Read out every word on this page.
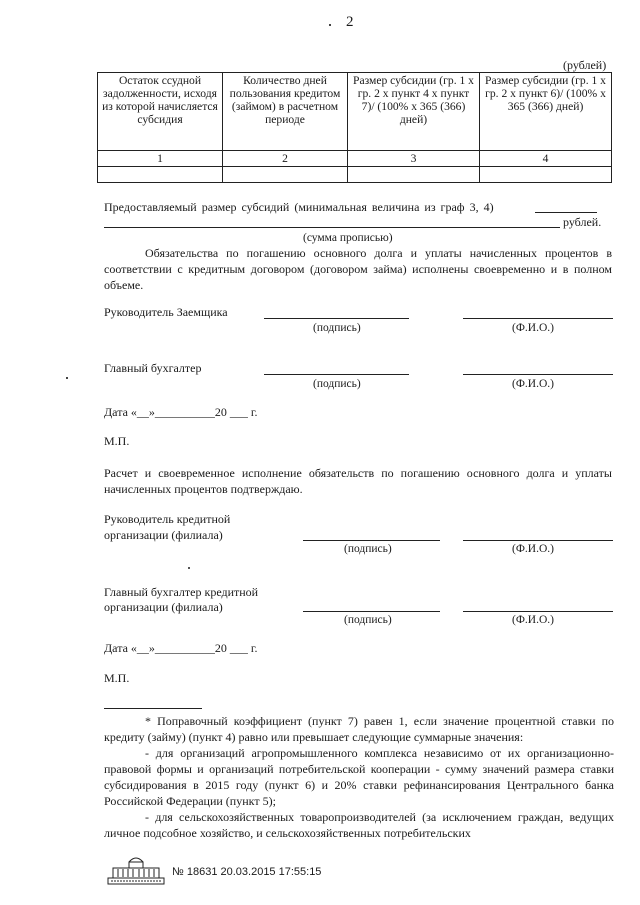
2
(рублей)
Остаток ссудной задолженности, исходя из которой начисляется субсидия	Количество дней пользования кредитом (займом) в расчетном периоде	Размер субсидии (гр. 1 х гр. 2 х пункт 4 х пункт 7)/ (100% х 365 (366) дней)	Размер субсидии (гр. 1 х гр. 2 х пункт 6)/ (100% х 365 (366) дней)
1	2	3	4

Предоставляемый размер субсидий (минимальная величина из граф 3, 4)
рублей.
(сумма прописью)
Обязательства по погашению основного долга и уплаты начисленных процентов в соответствии с кредитным договором (договором займа) исполнены своевременно и в полном объеме.
Руководитель Заемщика
(подпись)	(Ф.И.О.)
Главный бухгалтер
(подпись)	(Ф.И.О.)
Дата «__»__________20 ___ г.
М.П.
Расчет и своевременное исполнение обязательств по погашению основного долга и уплаты начисленных процентов подтверждаю.
Руководитель кредитной
организации (филиала)
(подпись)	(Ф.И.О.)
Главный бухгалтер кредитной
организации (филиала)
(подпись)	(Ф.И.О.)
Дата «__»__________20 ___ г.
М.П.
* Поправочный коэффициент (пункт 7) равен 1, если значение процентной ставки по кредиту (займу) (пункт 4) равно или превышает следующие суммарные значения:
- для организаций агропромышленного комплекса независимо от их организационно-правовой формы и организаций потребительской кооперации - сумму значений размера ставки субсидирования в 2015 году (пункт 6) и 20% ставки рефинансирования Центрального банка Российской Федерации (пункт 5);
- для сельскохозяйственных товаропроизводителей (за исключением граждан, ведущих личное подсобное хозяйство, и сельскохозяйственных потребительских
№ 18631 20.03.2015 17:55:15
